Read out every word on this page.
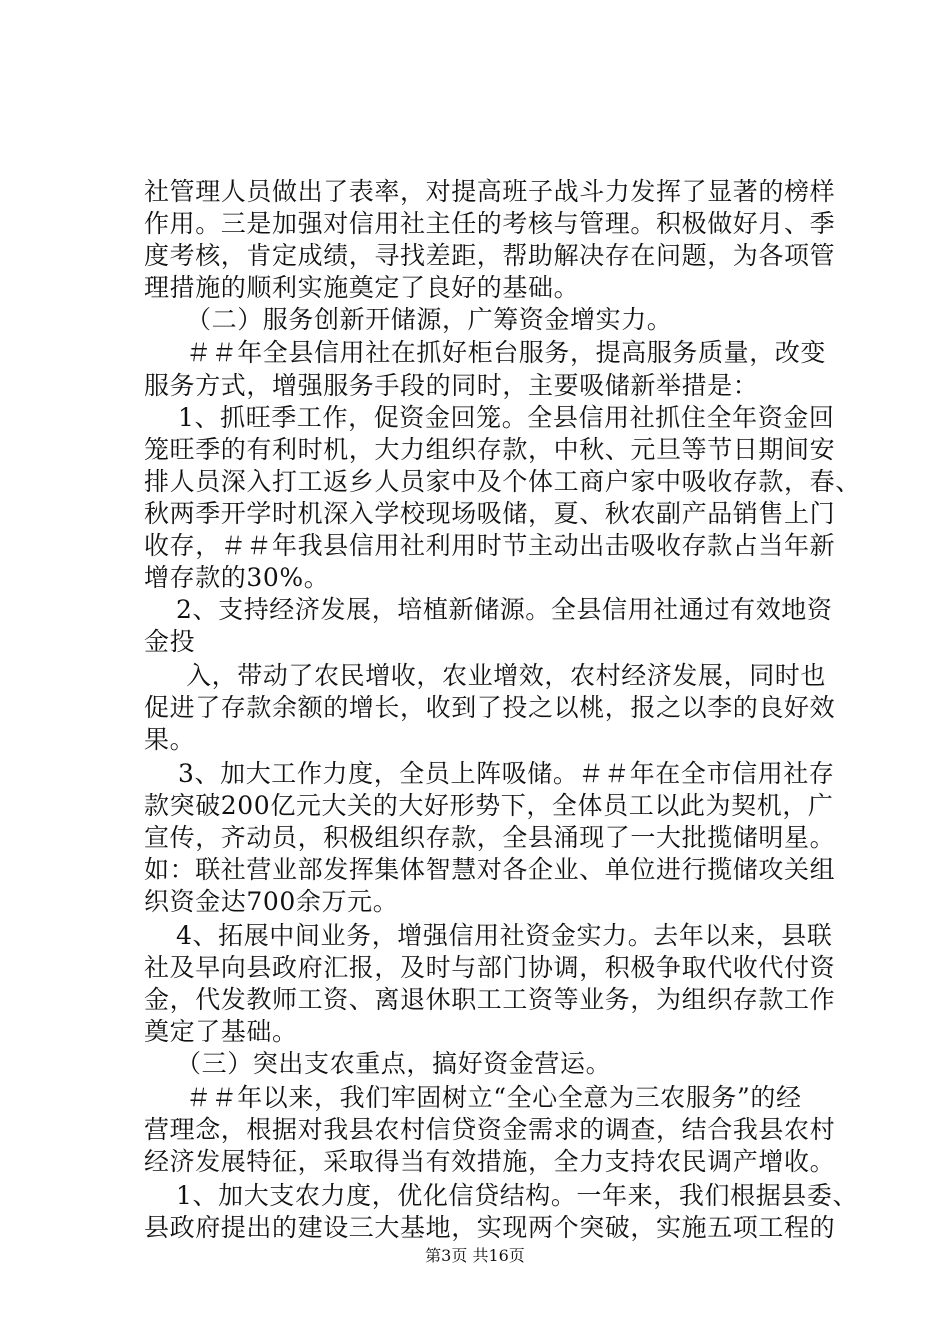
社管理人员做出了表率，对提高班子战斗力发挥了显著的榜样
作用。三是加强对信用社主任的考核与管理。积极做好月、季
度考核，肯定成绩，寻找差距，帮助解决存在问题，为各项管
理措施的顺利实施奠定了良好的基础。
（二）服务创新开储源，广筹资金增实力。
＃＃年全县信用社在抓好柜台服务，提高服务质量，改变
服务方式，增强服务手段的同时，主要吸储新举措是：
1、抓旺季工作，促资金回笼。全县信用社抓住全年资金回
笼旺季的有利时机，大力组织存款，中秋、元旦等节日期间安
排人员深入打工返乡人员家中及个体工商户家中吸收存款，春、
秋两季开学时机深入学校现场吸储，夏、秋农副产品销售上门
收存，＃＃年我县信用社利用时节主动出击吸收存款占当年新
增存款的30%。
2、支持经济发展，培植新储源。全县信用社通过有效地资
金投
入，带动了农民增收，农业增效，农村经济发展，同时也
促进了存款余额的增长，收到了投之以桃，报之以李的良好效
果。
3、加大工作力度，全员上阵吸储。＃＃年在全市信用社存
款突破200亿元大关的大好形势下，全体员工以此为契机，广
宣传，齐动员，积极组织存款，全县涌现了一大批揽储明星。
如：联社营业部发挥集体智慧对各企业、单位进行揽储攻关组
织资金达700余万元。
4、拓展中间业务，增强信用社资金实力。去年以来，县联
社及早向县政府汇报，及时与部门协调，积极争取代收代付资
金，代发教师工资、离退休职工工资等业务，为组织存款工作
奠定了基础。
（三）突出支农重点，搞好资金营运。
＃＃年以来，我们牢固树立“全心全意为三农服务”的经
营理念，根据对我县农村信贷资金需求的调查，结合我县农村
经济发展特征，采取得当有效措施，全力支持农民调产增收。
1、加大支农力度，优化信贷结构。一年来，我们根据县委、
县政府提出的建设三大基地，实现两个突破，实施五项工程的
第3页 共16页
